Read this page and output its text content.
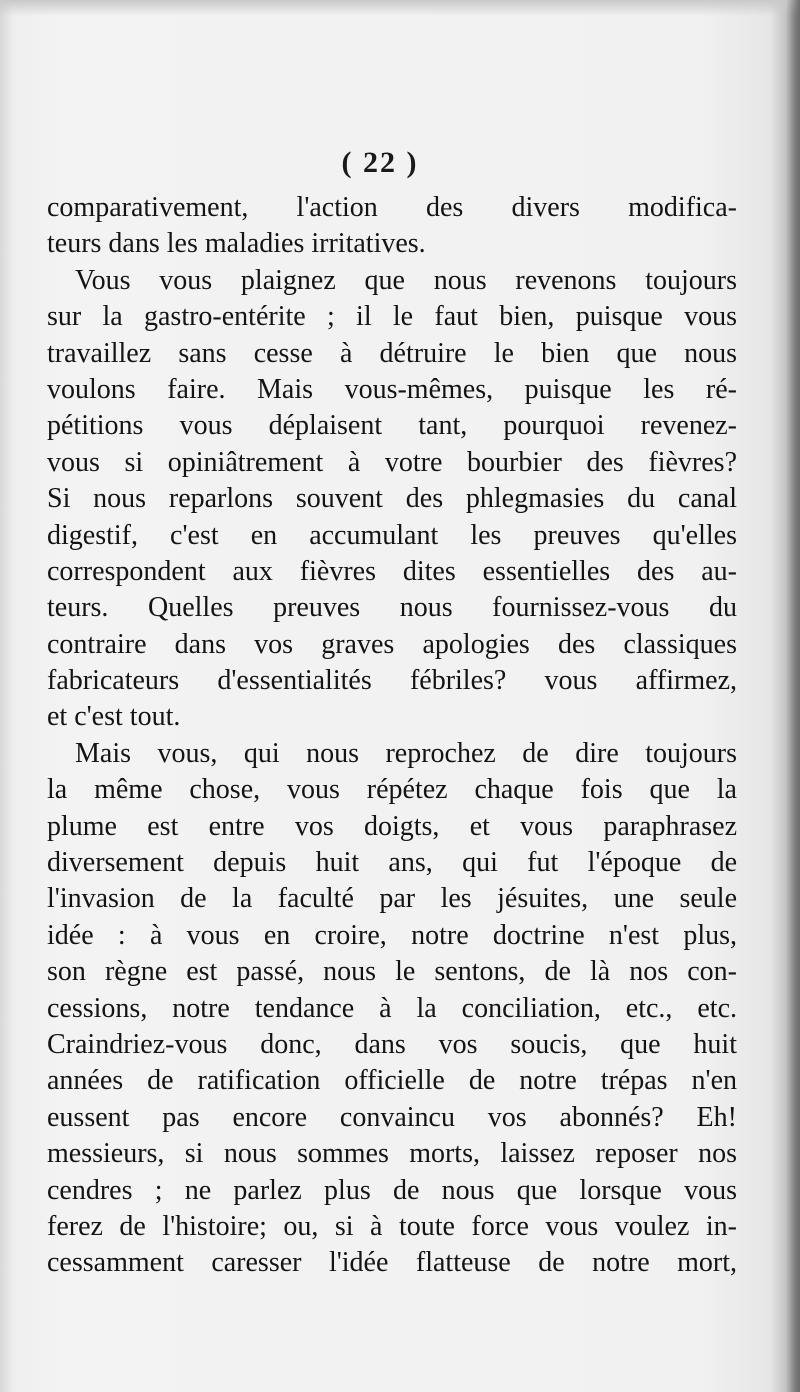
( 22 )
comparativement, l'action des divers modifica-
teurs dans les maladies irritatives.
Vous vous plaignez que nous revenons toujours
sur la gastro-entérite ; il le faut bien, puisque vous
travaillez sans cesse à détruire le bien que nous
voulons faire. Mais vous-mêmes, puisque les ré-
pétitions vous déplaisent tant, pourquoi revenez-
vous si opiniâtrement à votre bourbier des fièvres?
Si nous reparlons souvent des phlegmasies du canal
digestif, c'est en accumulant les preuves qu'elles
correspondent aux fièvres dites essentielles des au-
teurs. Quelles preuves nous fournissez-vous du
contraire dans vos graves apologies des classiques
fabricateurs d'essentialités fébriles? vous affirmez,
et c'est tout.
Mais vous, qui nous reprochez de dire toujours
la même chose, vous répétez chaque fois que la
plume est entre vos doigts, et vous paraphrasez
diversement depuis huit ans, qui fut l'époque de
l'invasion de la faculté par les jésuites, une seule
idée : à vous en croire, notre doctrine n'est plus,
son règne est passé, nous le sentons, de là nos con-
cessions, notre tendance à la conciliation, etc., etc.
Craindriez-vous donc, dans vos soucis, que huit
années de ratification officielle de notre trépas n'en
eussent pas encore convaincu vos abonnés? Eh!
messieurs, si nous sommes morts, laissez reposer nos
cendres ; ne parlez plus de nous que lorsque vous
ferez de l'histoire; ou, si à toute force vous voulez in-
cessamment caresser l'idée flatteuse de notre mort,
